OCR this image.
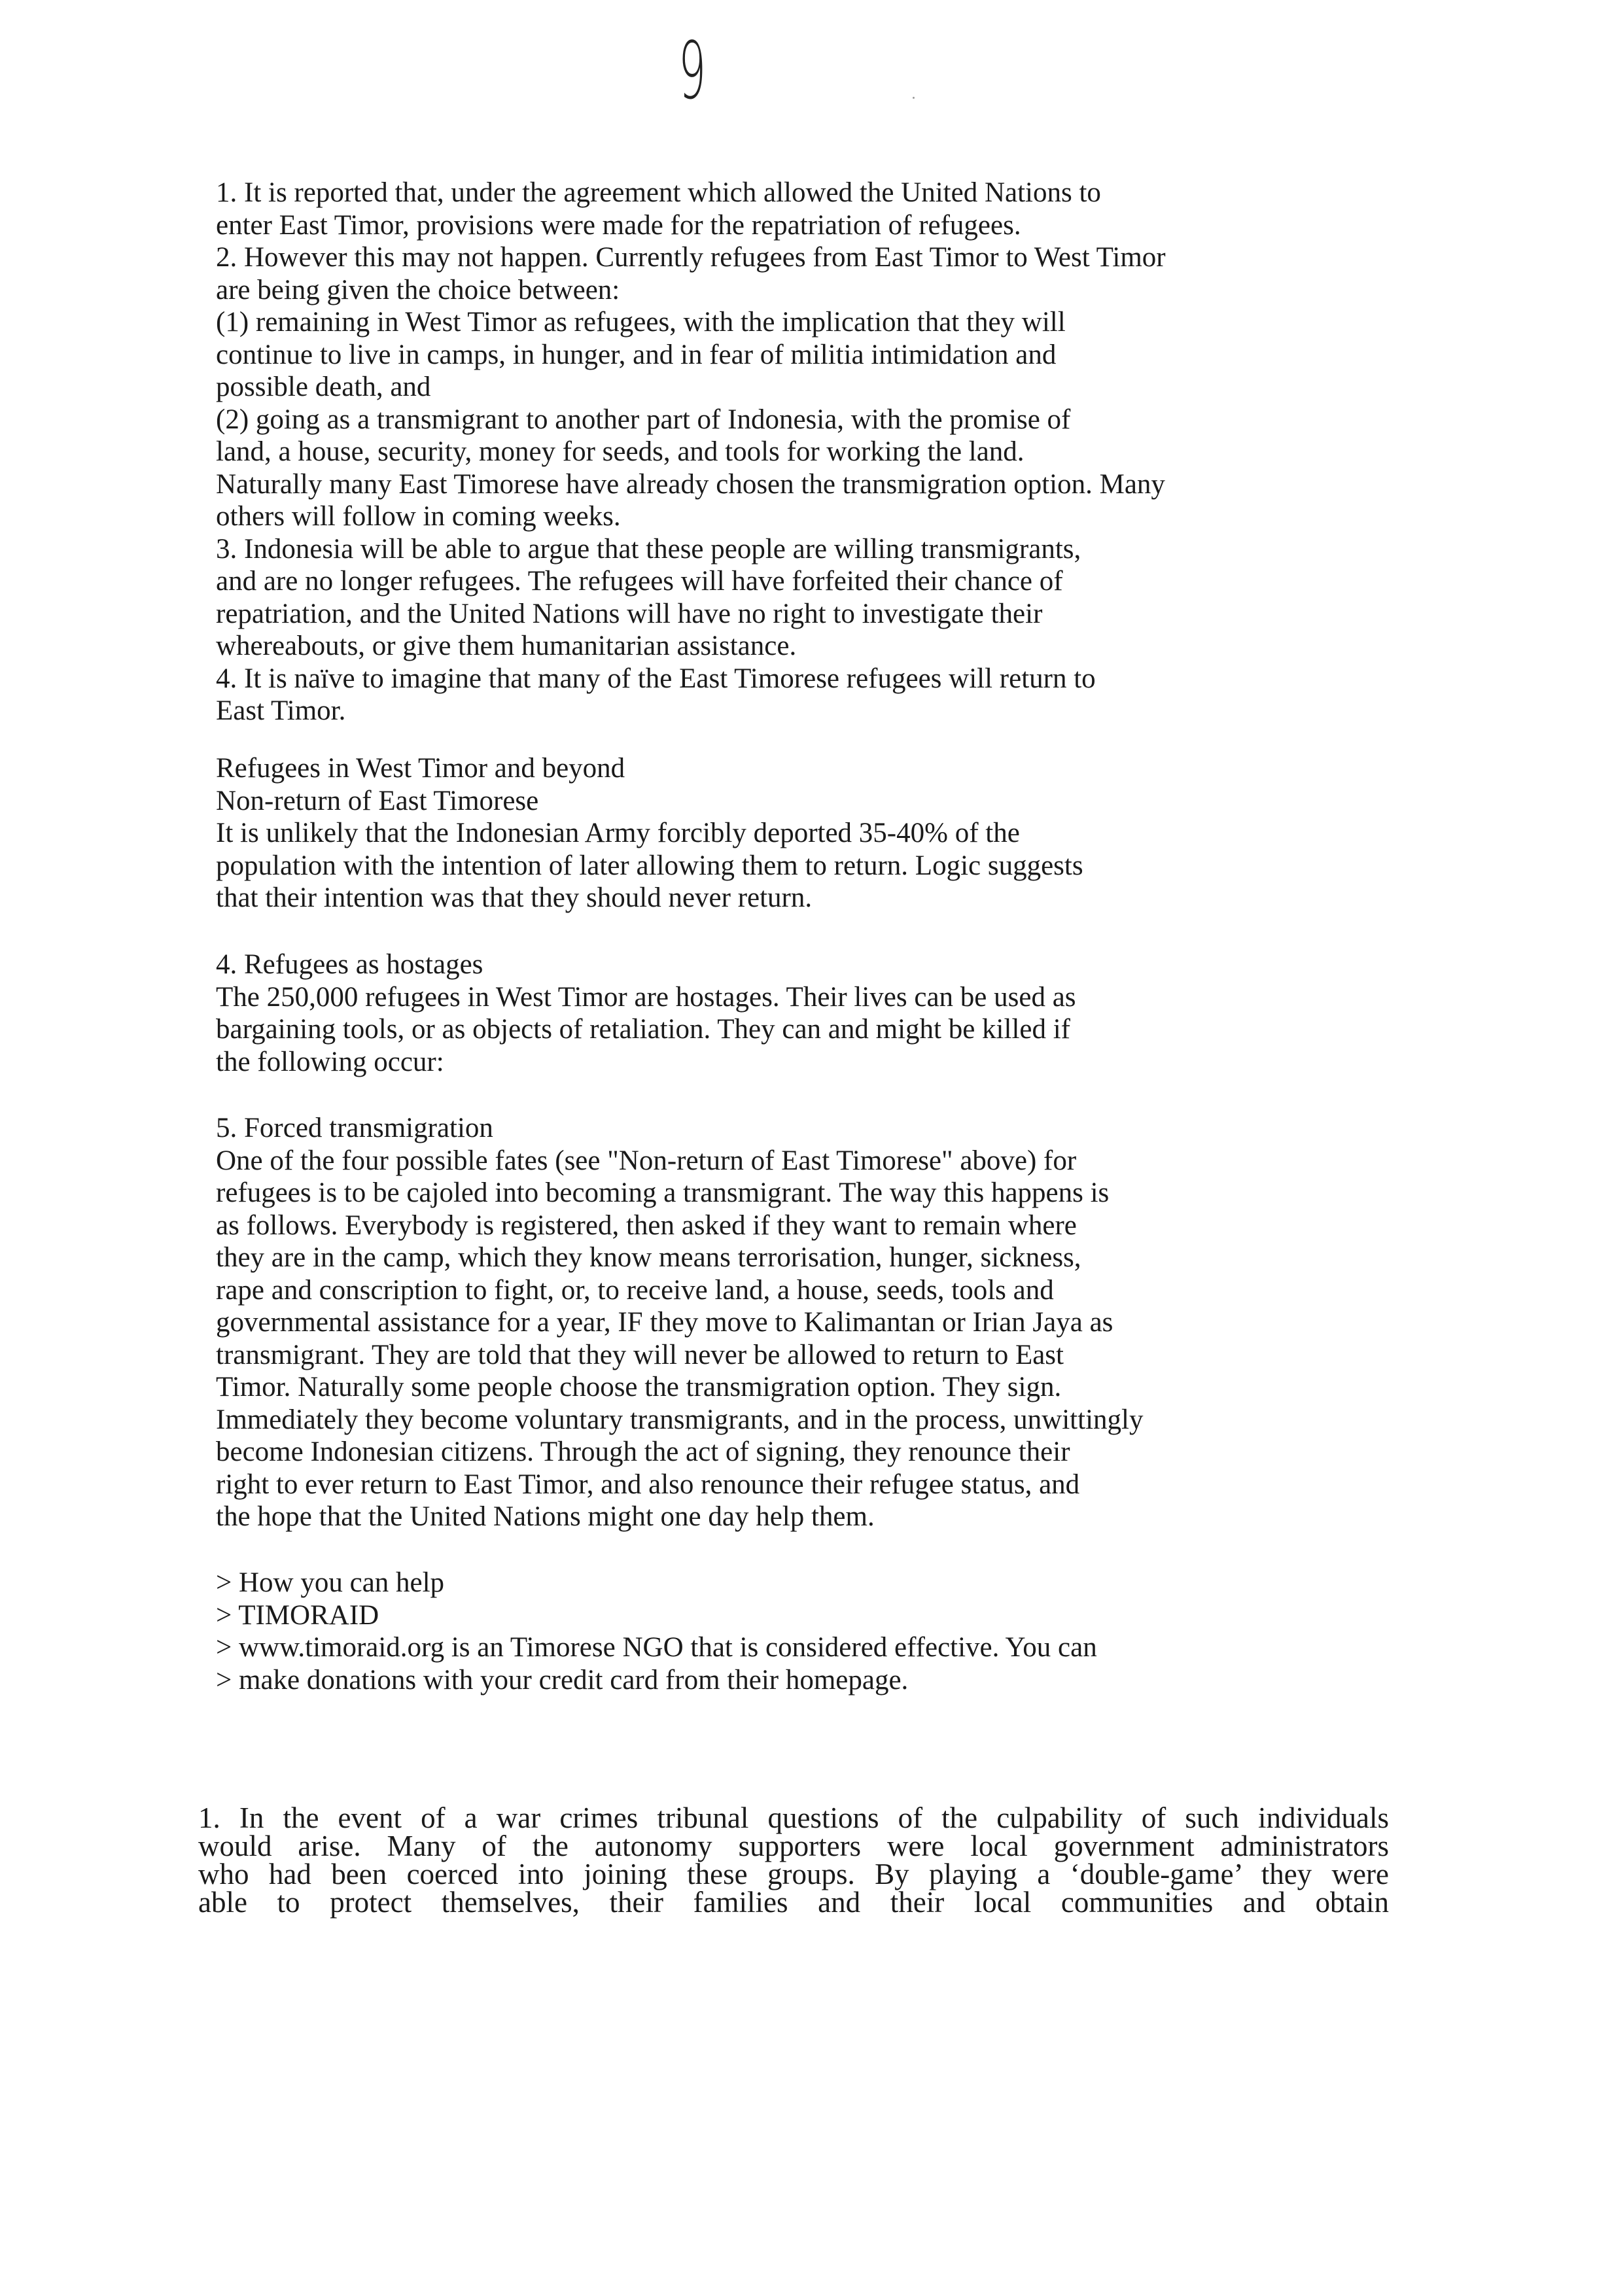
9

1. It is reported that, under the agreement which allowed the United Nations to

enter East Timor, provisions were made for the repatriation of refugees.

2. However this may not happen. Currently refugees from East Timor to West Timor

are being given the choice between:

(1) remaining in West Timor as refugees, with the implication that they will

continue to live in camps, in hunger, and in fear of militia intimidation and

possible death, and

(2) going as a transmigrant to another part of Indonesia, with the promise of

land, a house, security, money for seeds, and tools for working the land.

Naturally many East Timorese have already chosen the transmigration option. Many

others will follow in coming weeks.

3. Indonesia will be able to argue that these people are willing transmigrants,

and are no longer refugees. The refugees will have forfeited their chance of

repatriation, and the United Nations will have no right to investigate their

whereabouts, or give them humanitarian assistance.

4. It is naïve to imagine that many of the East Timorese refugees will return to

East Timor.

Refugees in West Timor and beyond

Non-return of East Timorese

It is unlikely that the Indonesian Army forcibly deported 35-40% of the

population with the intention of later allowing them to return. Logic suggests

that their intention was that they should never return.

4. Refugees as hostages

The 250,000 refugees in West Timor are hostages. Their lives can be used as

bargaining tools, or as objects of retaliation. They can and might be killed if

the following occur:

5. Forced transmigration

One of the four possible fates (see "Non-return of East Timorese" above) for

refugees is to be cajoled into becoming a transmigrant. The way this happens is

as follows. Everybody is registered, then asked if they want to remain where

they are in the camp, which they know means terrorisation, hunger, sickness,

rape and conscription to fight, or, to receive land, a house, seeds, tools and

governmental assistance for a year, IF they move to Kalimantan or Irian Jaya as

transmigrant. They are told that they will never be allowed to return to East

Timor. Naturally some people choose the transmigration option. They sign.

Immediately they become voluntary transmigrants, and in the process, unwittingly

become Indonesian citizens. Through the act of signing, they renounce their

right to ever return to East Timor, and also renounce their refugee status, and

the hope that the United Nations might one day help them.

> How you can help

> TIMORAID

> www.timoraid.org is an Timorese NGO that is considered effective. You can

> make donations with your credit card from their homepage.

1. In the event of a war crimes tribunal questions of the culpability of such individuals

would arise. Many of the autonomy supporters were local government administrators

who had been coerced into joining these groups. By playing a ‘double-game’ they were

able to protect themselves, their families and their local communities and obtain
